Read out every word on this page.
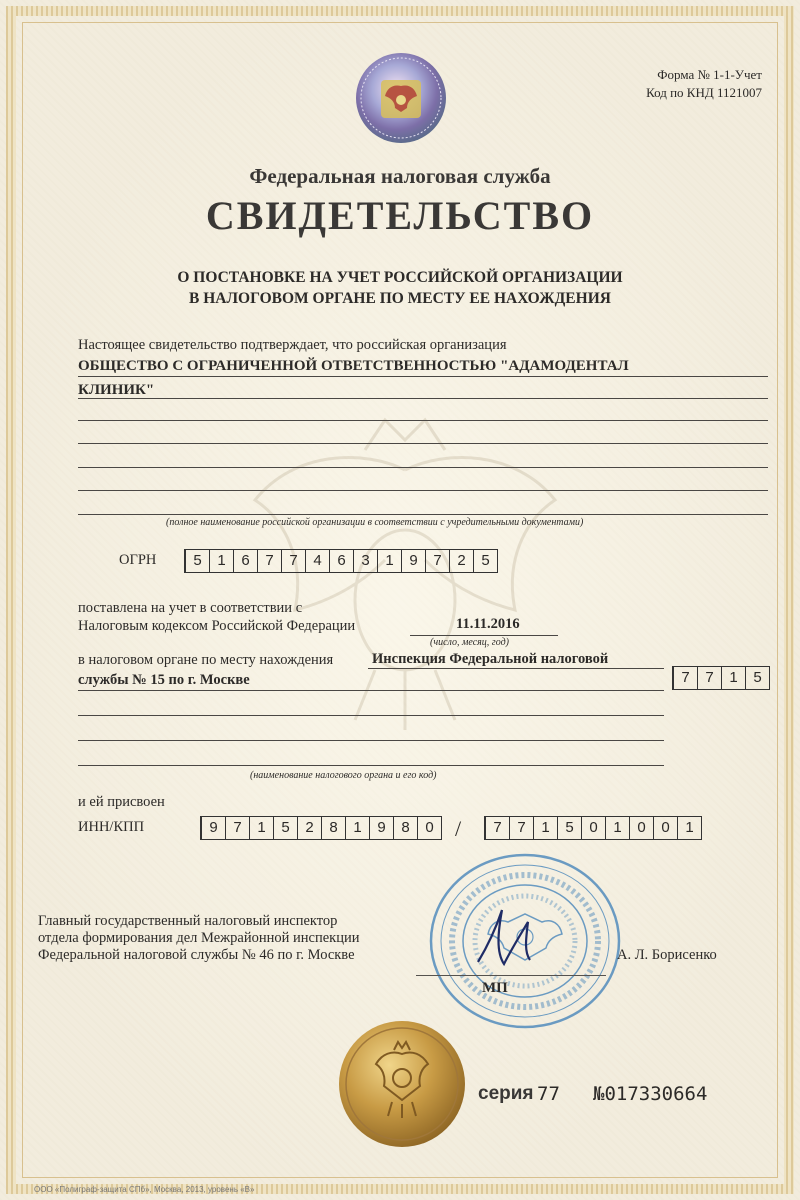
Форма № 1-1-Учет
Код по КНД 1121007
Федеральная налоговая служба
СВИДЕТЕЛЬСТВО
О ПОСТАНОВКЕ НА УЧЕТ РОССИЙСКОЙ ОРГАНИЗАЦИИ
В НАЛОГОВОМ ОРГАНЕ ПО МЕСТУ ЕЕ НАХОЖДЕНИЯ
Настоящее свидетельство подтверждает, что российская организация
ОБЩЕСТВО С ОГРАНИЧЕННОЙ ОТВЕТСТВЕННОСТЬЮ "АДАМОДЕНТАЛ
КЛИНИК"
(полное наименование российской организации в соответствии с учредительными документами)
ОГРН	5	1	6	7	7	4	6	3	1	9	7	2	5
поставлена на учет в соответствии с
Налоговым кодексом Российской Федерации	11.11.2016
(число, месяц, год)
в налоговом органе по месту нахождения	Инспекция Федеральной налоговой
службы № 15 по г. Москве	7	7	1	5
(наименование налогового органа и его код)
и ей присвоен
ИНН/КПП	9	7	1	5	2	8	1	9	8	0 /	7	7	1	5	0	1	0	0	1
Главный государственный налоговый инспектор
отдела формирования дел Межрайонной инспекции
Федеральной налоговой службы № 46 по г. Москве
МП
А. Л. Борисенко
серия 77 №017330664
ООО «Полиграф-защита СПб», Москва, 2013, уровень «В»
